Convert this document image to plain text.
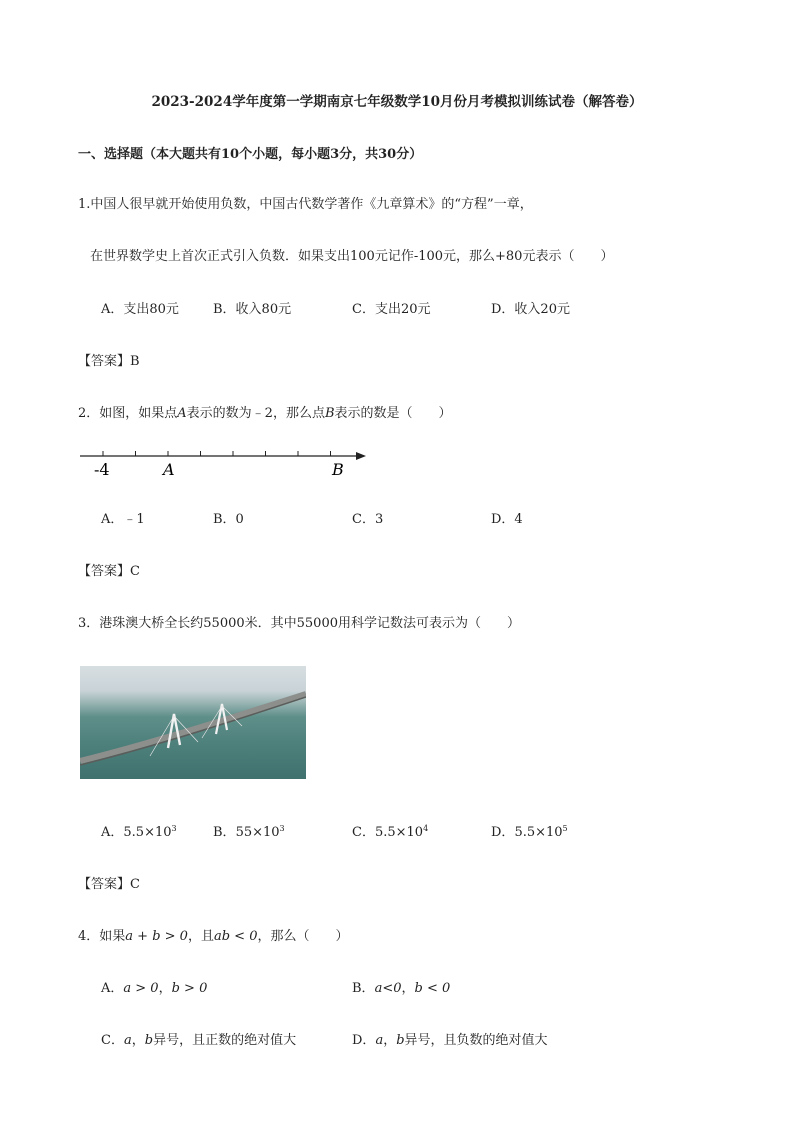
2023-2024学年度第一学期南京七年级数学10月份月考模拟训练试卷（解答卷）
一、选择题（本大题共有10个小题，每小题3分，共30分）
1.中国人很早就开始使用负数，中国古代数学著作《九章算术》的“方程”一章，
在世界数学史上首次正式引入负数．如果支出100元记作-100元，那么+80元表示（　　）
A．支出80元	B．收入80元	C．支出20元	D．收入20元
【答案】B
2．如图，如果点A表示的数为﹣2，那么点B表示的数是（　　）
-4	A	B
A．﹣1	B．0	C．3	D．4
【答案】C
3．港珠澳大桥全长约55000米．其中55000用科学记数法可表示为（　　）
A．$5.5\times 10^3$	B．$55\times 10^3$	C．$5.5\times 10^4$	D．$5.5\times 10^5$
【答案】C
4．如果a + b > 0，且ab < 0，那么（　　）
A．a > 0，b > 0	B．a<0，b < 0
C．a，b异号，且正数的绝对值大	D．a，b异号，且负数的绝对值大
